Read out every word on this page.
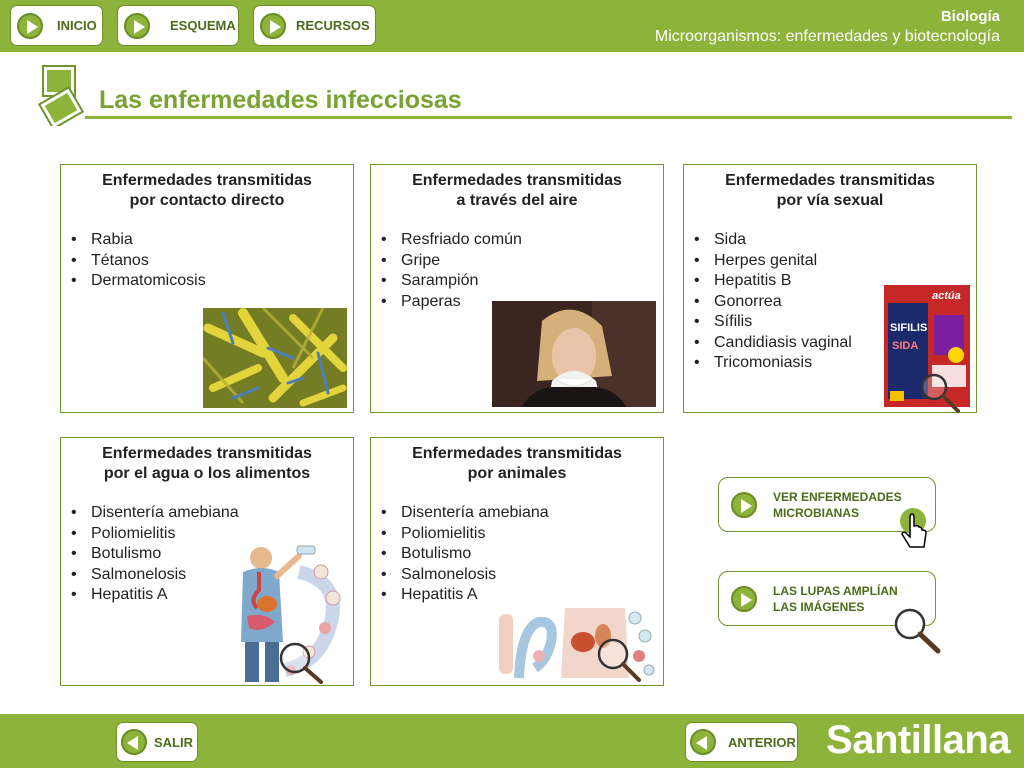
INICIO	ESQUEMA	RECURSOS
Biología
Microorganismos: enfermedades y biotecnología
Las enfermedades infecciosas
Enfermedades transmitidas
por contacto directo
• Rabia
• Tétanos
• Dermatomicosis
Enfermedades transmitidas
a través del aire
• Resfriado común
• Gripe
• Sarampión
• Paperas
Enfermedades transmitidas
por vía sexual
• Sida
• Herpes genital
• Hepatitis B
• Gonorrea
• Sífilis
• Candidiasis vaginal
• Tricomoniasis
actúa
SIFILIS
SIDA
Enfermedades transmitidas
por el agua o los alimentos
• Disentería amebiana
• Poliomielitis
• Botulismo
• Salmonelosis
• Hepatitis A
Enfermedades transmitidas
por animales
• Disentería amebiana
• Poliomielitis
• Botulismo
• Salmonelosis
• Hepatitis A
VER ENFERMEDADES
MICROBIANAS
LAS LUPAS AMPLÍAN
LAS IMÁGENES
SALIR	ANTERIOR Santillana
